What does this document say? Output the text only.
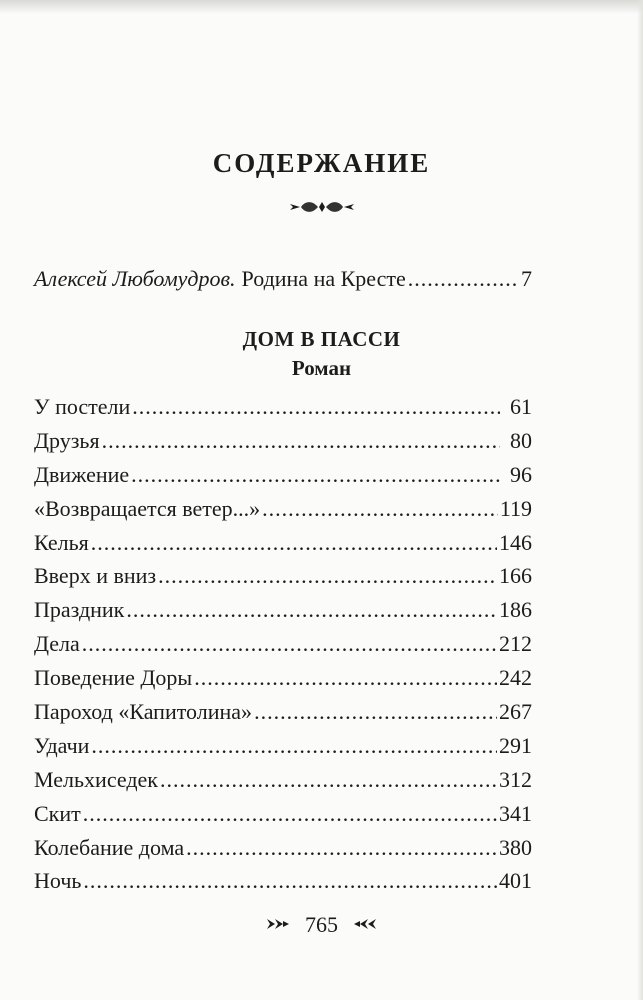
СОДЕРЖАНИЕ
Алексей Любомудров. Родина на Кресте .....	7
ДОМ В ПАССИ
Роман
У постели .....	61
Друзья .....	80
Движение .....	96
«Возвращается ветер...» .....	119
Келья .....	146
Вверх и вниз .....	166
Праздник .....	186
Дела .....	212
Поведение Доры .....	242
Пароход «Капитолина» .....	267
Удачи .....	291
Мельхиседек .....	312
Скит .....	341
Колебание дома .....	380
Ночь .....	401
765
